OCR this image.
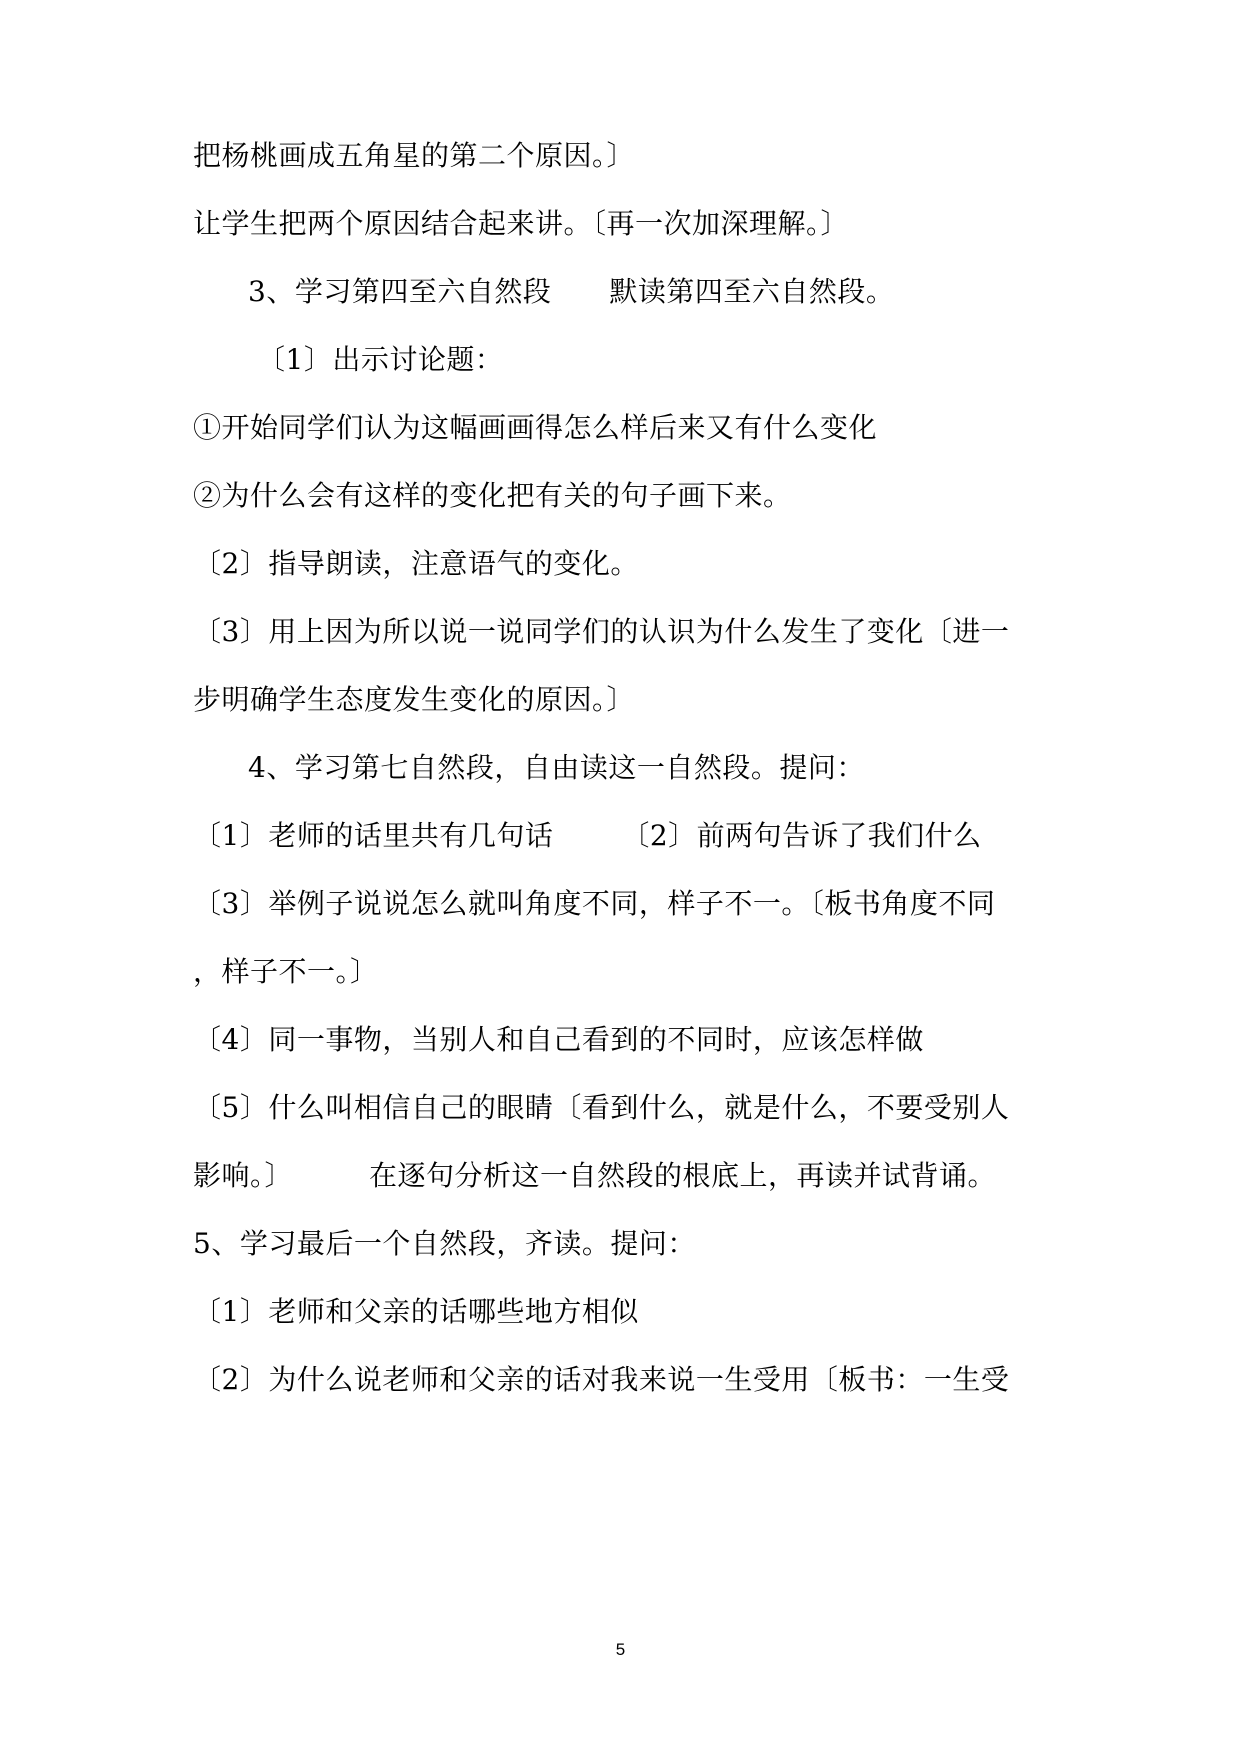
把杨桃画成五角星的第二个原因。〕
让学生把两个原因结合起来讲。〔再一次加深理解。〕
3、学习第四至六自然段 默读第四至六自然段。
〔1〕出示讨论题：
①开始同学们认为这幅画画得怎么样后来又有什么变化
②为什么会有这样的变化把有关的句子画下来。
〔2〕指导朗读，注意语气的变化。
〔3〕用上因为所以说一说同学们的认识为什么发生了变化〔进一
步明确学生态度发生变化的原因。〕
4、学习第七自然段，自由读这一自然段。提问：
〔1〕老师的话里共有几句话 〔2〕前两句告诉了我们什么
〔3〕举例子说说怎么就叫角度不同，样子不一。〔板书角度不同
，样子不一。〕
〔4〕同一事物，当别人和自己看到的不同时，应该怎样做
〔5〕什么叫相信自己的眼睛〔看到什么，就是什么，不要受别人
影响。〕	在逐句分析这一自然段的根底上，再读并试背诵。
5、学习最后一个自然段，齐读。提问：
〔1〕老师和父亲的话哪些地方相似
〔2〕为什么说老师和父亲的话对我来说一生受用〔板书：一生受
5
